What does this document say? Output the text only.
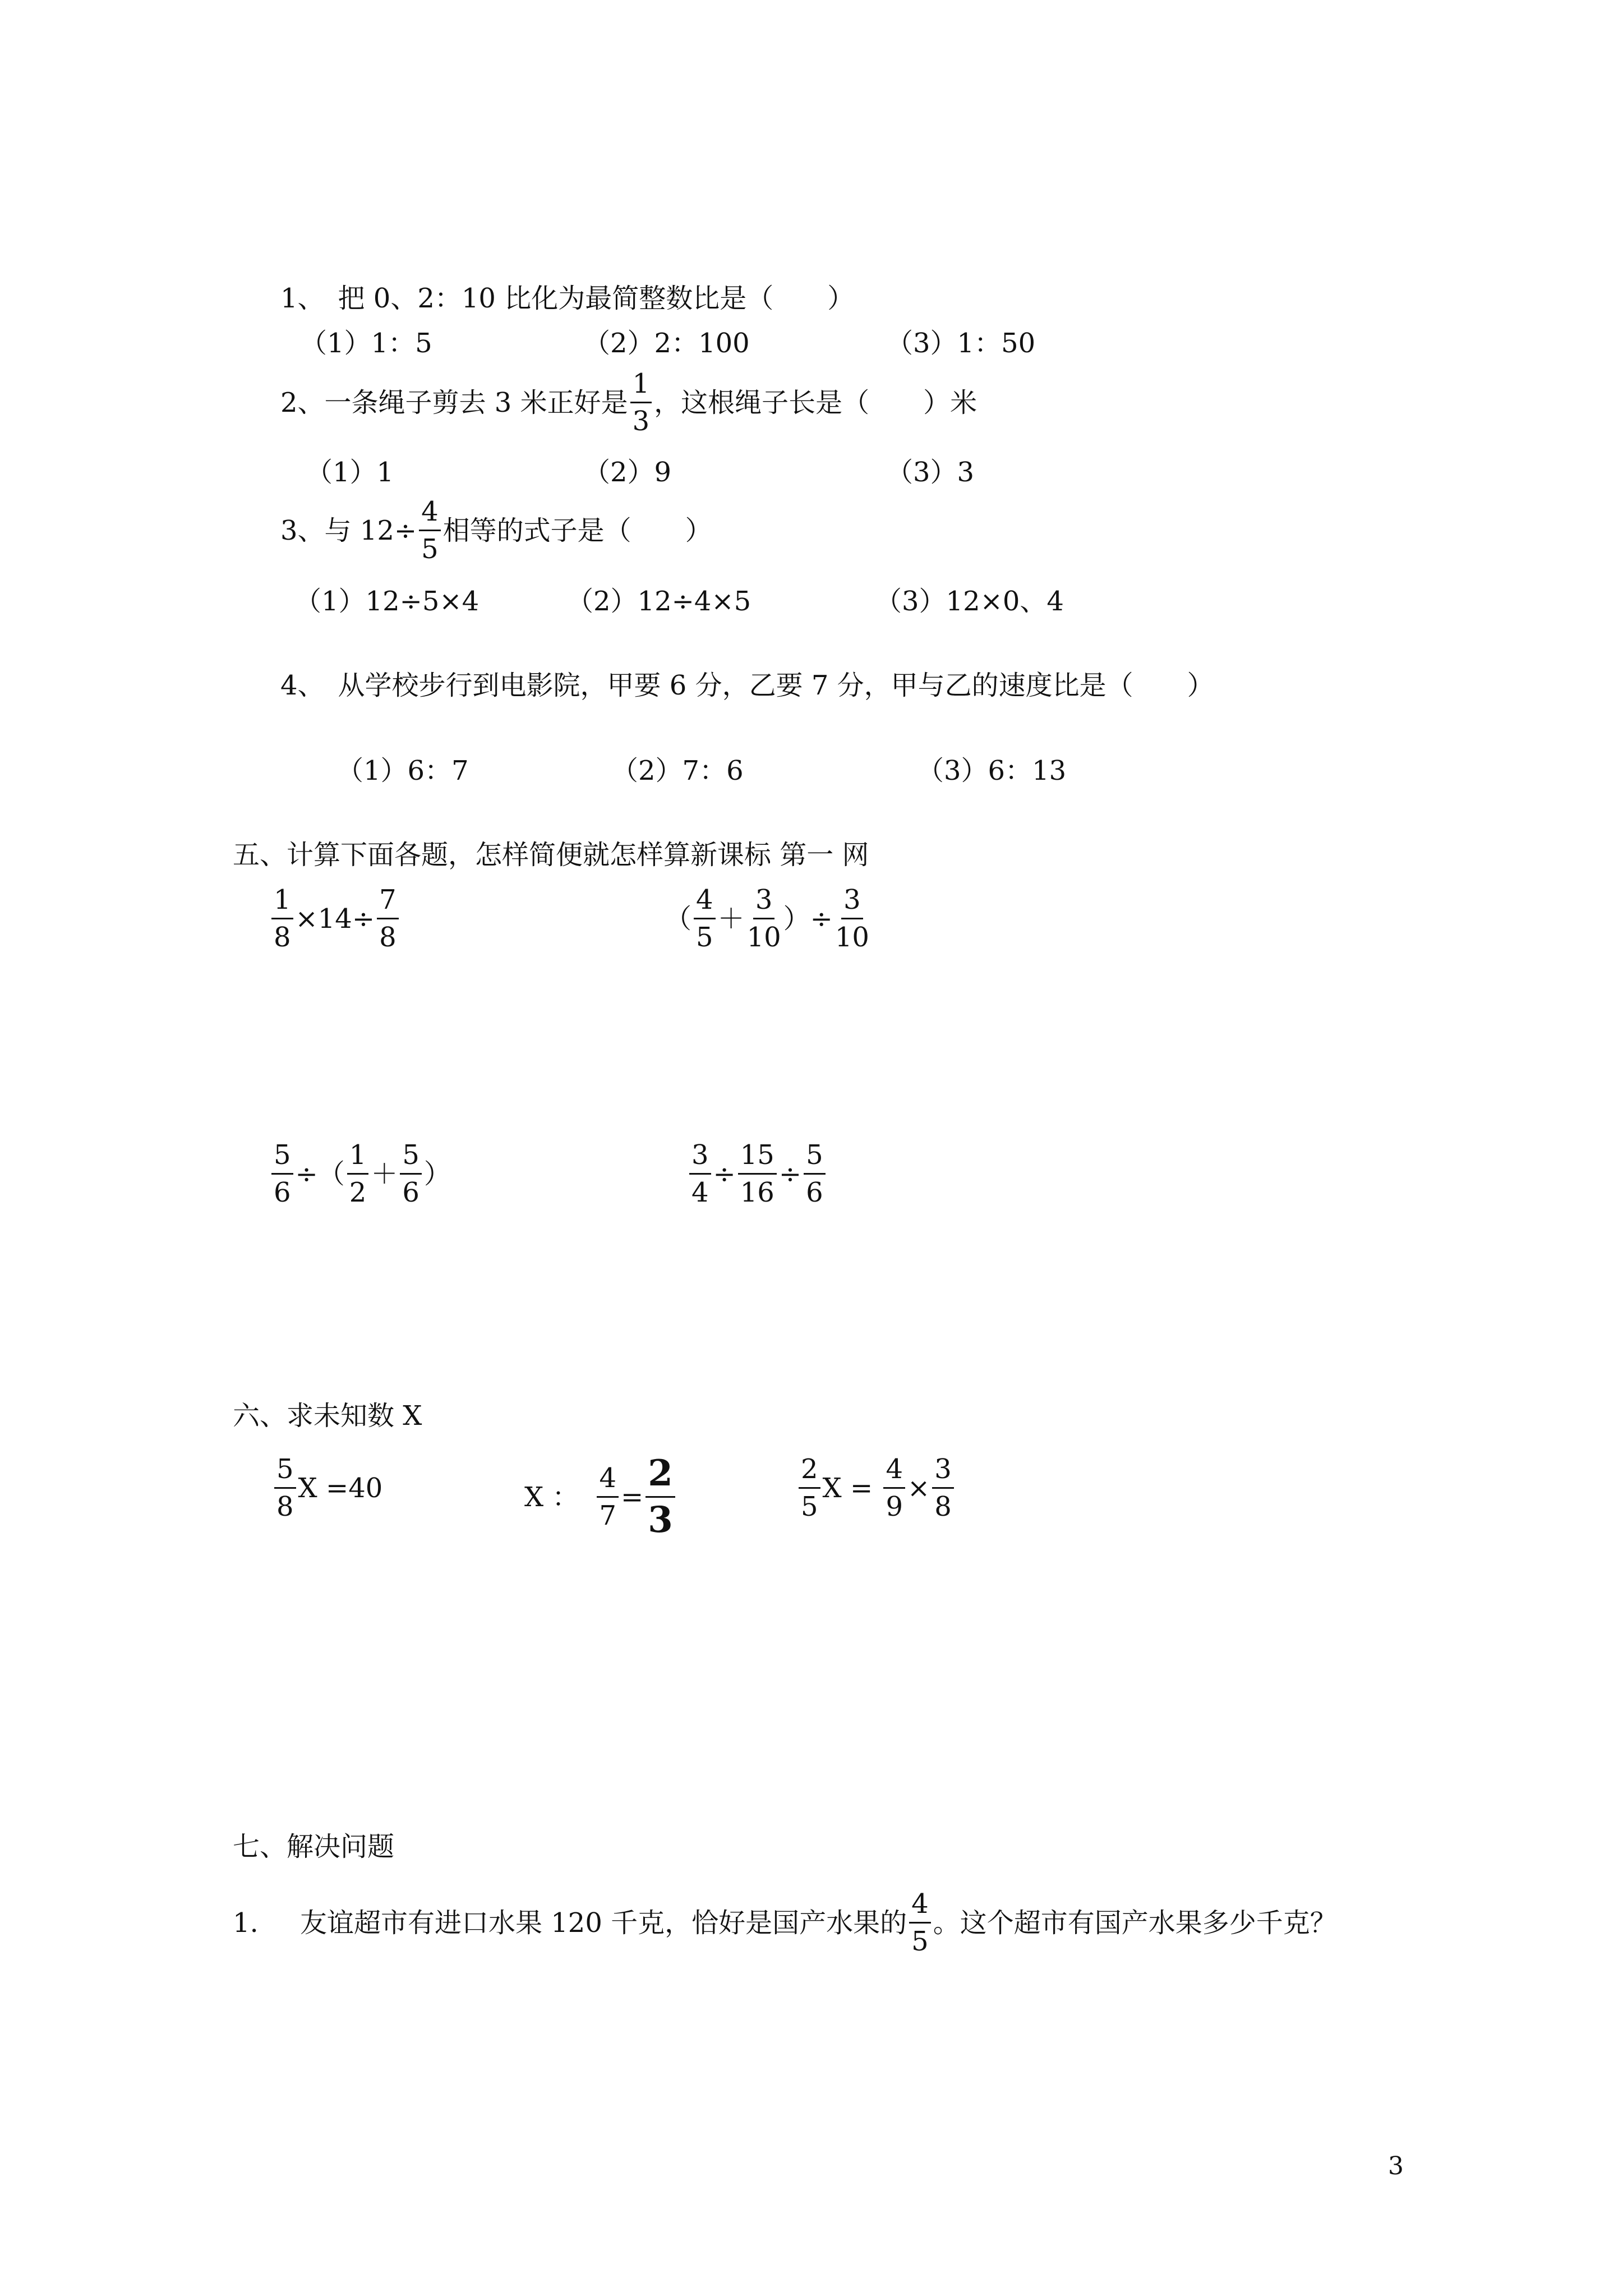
1、　把 0、2：10 比化为最简整数比是（　　）
（1）1：5	（2）2：100	（3）1：50
2、一条绳子剪去 3 米正好是 $\frac{1}{3}$ ，这根绳子长是（　　）米
（1）1	（2）9	（3）3
3、与 $12\div \frac{4}{5}$ 相等的式子是（　　）
（1）12÷5×4	（2）12÷4×5	（3）12×0、4
4、　从学校步行到电影院，甲要 6 分，乙要 7 分，甲与乙的速度比是（　　）
（1）6：7	（2）7：6	（3）6：13
五、计算下面各题，怎样简便就怎样算新课标 第一 网
$\frac{1}{8} \times 14\div \frac{7}{8}$	（ $\frac{4}{5} + \frac{3}{10}$ ）÷ $\frac{3}{10}$
$\frac{5}{6}$ ÷（ $\frac{1}{2} + \frac{5}{6}$ ）	$\frac{3}{4} \div \frac{15}{16} \div \frac{5}{6}$
六、求未知数 X
$\frac{5}{8}$ X =40	X ： $\frac{4}{7} = \frac{2}{3}$	$\frac{2}{5}$ $X = \frac{4}{9} \times \frac{3}{8}$
七、解决问题
1.	友谊超市有进口水果 120 千克，恰好是国产水果的 $\frac{4}{5}$ 。这个超市有国产水果多少千克？
3
